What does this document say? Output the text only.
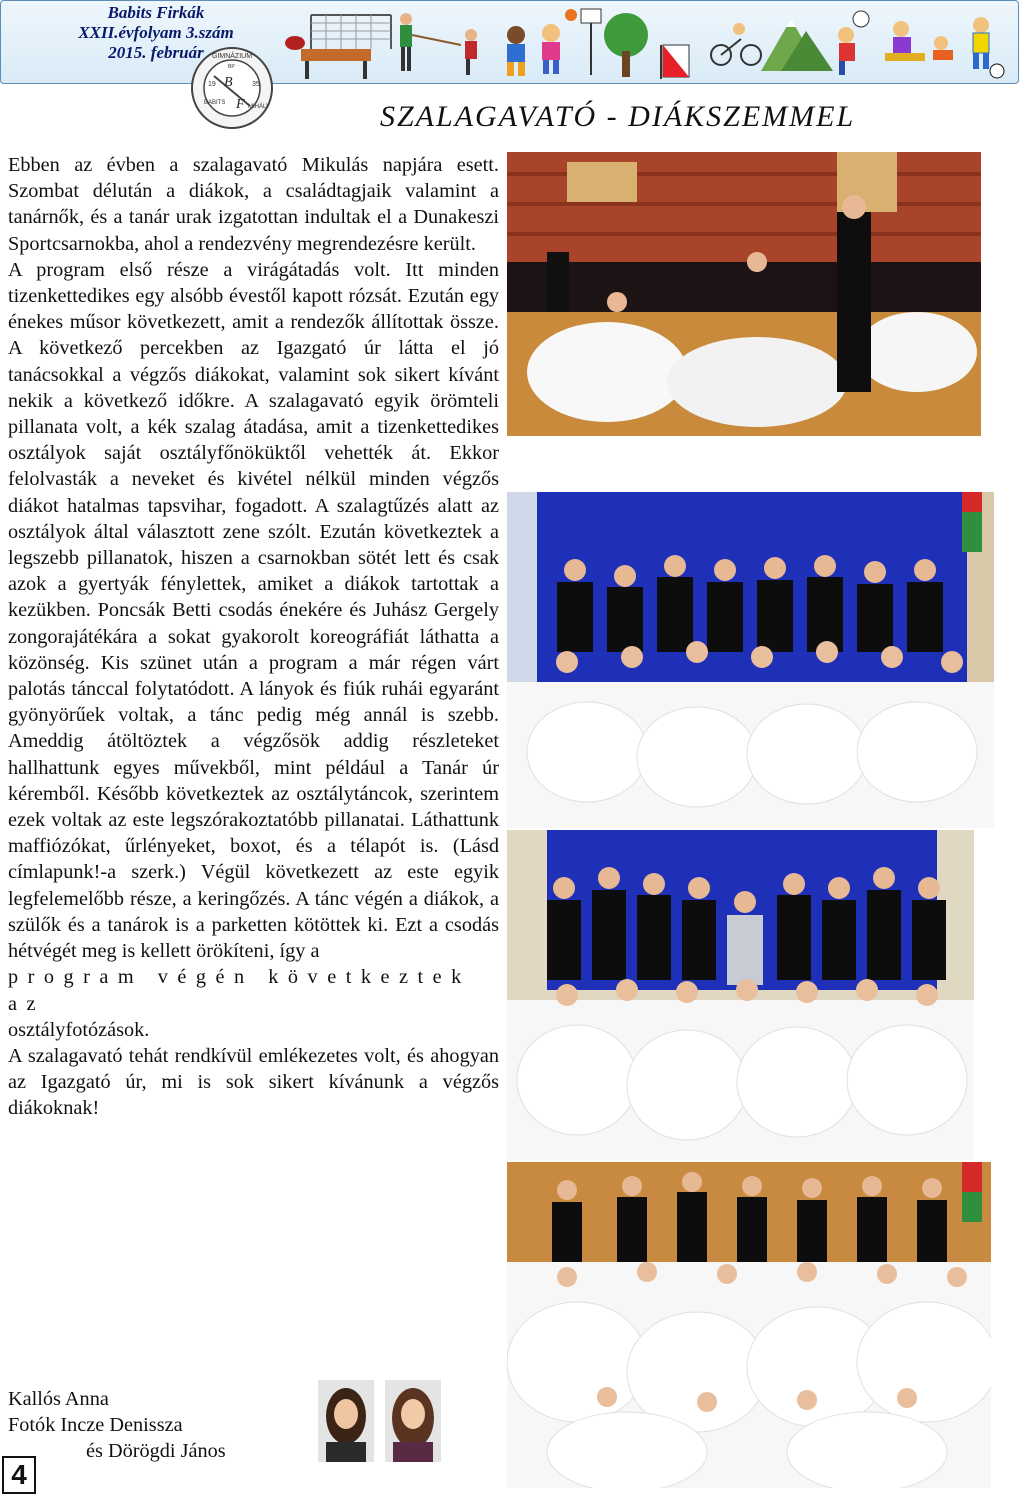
Babits Firkák
XXII.évfolyam 3.szám
2015. február	GIMNÁZIUM
19	35
B
F
BABITS
MIHÁLY
BP
SZALAGAVATÓ - DIÁKSZEMMEL

Ebben az évben a szalagavató Mikulás napjára esett. Szombat délután a diákok, a családtagjaik valamint a tanárnők, és a tanár urak izgatottan indultak el a Dunakeszi Sportcsarnokba, ahol a rendezvény megrendezésre került.

A program első része a virágátadás volt. Itt minden tizenkettedikes egy alsóbb évestől kapott rózsát. Ezután egy énekes műsor következett, amit a rendezők állítottak össze. A következő percekben az Igazgató úr látta el jó tanácsokkal a végzős diákokat, valamint sok sikert kívánt nekik a következő időkre. A szalagavató egyik örömteli pillanata volt, a kék szalag átadása, amit a tizenkettedikes osztályok saját osztályfőnöküktől vehették át. Ekkor felolvasták a neveket és kivétel nélkül minden végzős diákot hatalmas tapsvihar, fogadott. A szalagtűzés alatt az osztályok által választott zene szólt. Ezután következtek a legszebb pillanatok, hiszen a csarnokban sötét lett és csak azok a gyertyák fénylettek, amiket a diákok tartottak a kezükben. Poncsák Betti csodás énekére és Juhász Gergely zongorajátékára a sokat gyakorolt koreográfiát láthatta a közönség. Kis szünet után a program a már régen várt palotás tánccal folytatódott. A lányok és fiúk ruhái egyaránt gyönyörűek voltak, a tánc pedig még annál is szebb. Ameddig átöltöztek a végzősök addig részleteket hallhattunk egyes művekből, mint például a Tanár úr kéremből. Később következtek az osztálytáncok, szerintem ezek voltak az este legszórakoztatóbb pillanatai. Láthattunk maffiózókat, űrlényeket, boxot, és a télapót is. (Lásd címlapunk!-a szerk.) Végül következett az este egyik legfelemelőbb része, a keringőzés. A tánc végén a diákok, a szülők és a tanárok is a parketten kötöttek ki. Ezt a csodás hétvégét meg is kellett örökíteni, így a

program végén következtek az

osztályfotózások.

A szalagavató tehát rendkívül emlékezetes volt, és ahogyan az Igazgató úr, mi is sok sikert kívánunk a végzős diákoknak!

Kallós Anna
Fotók Incze Denissza
és Dörögdi János
4
